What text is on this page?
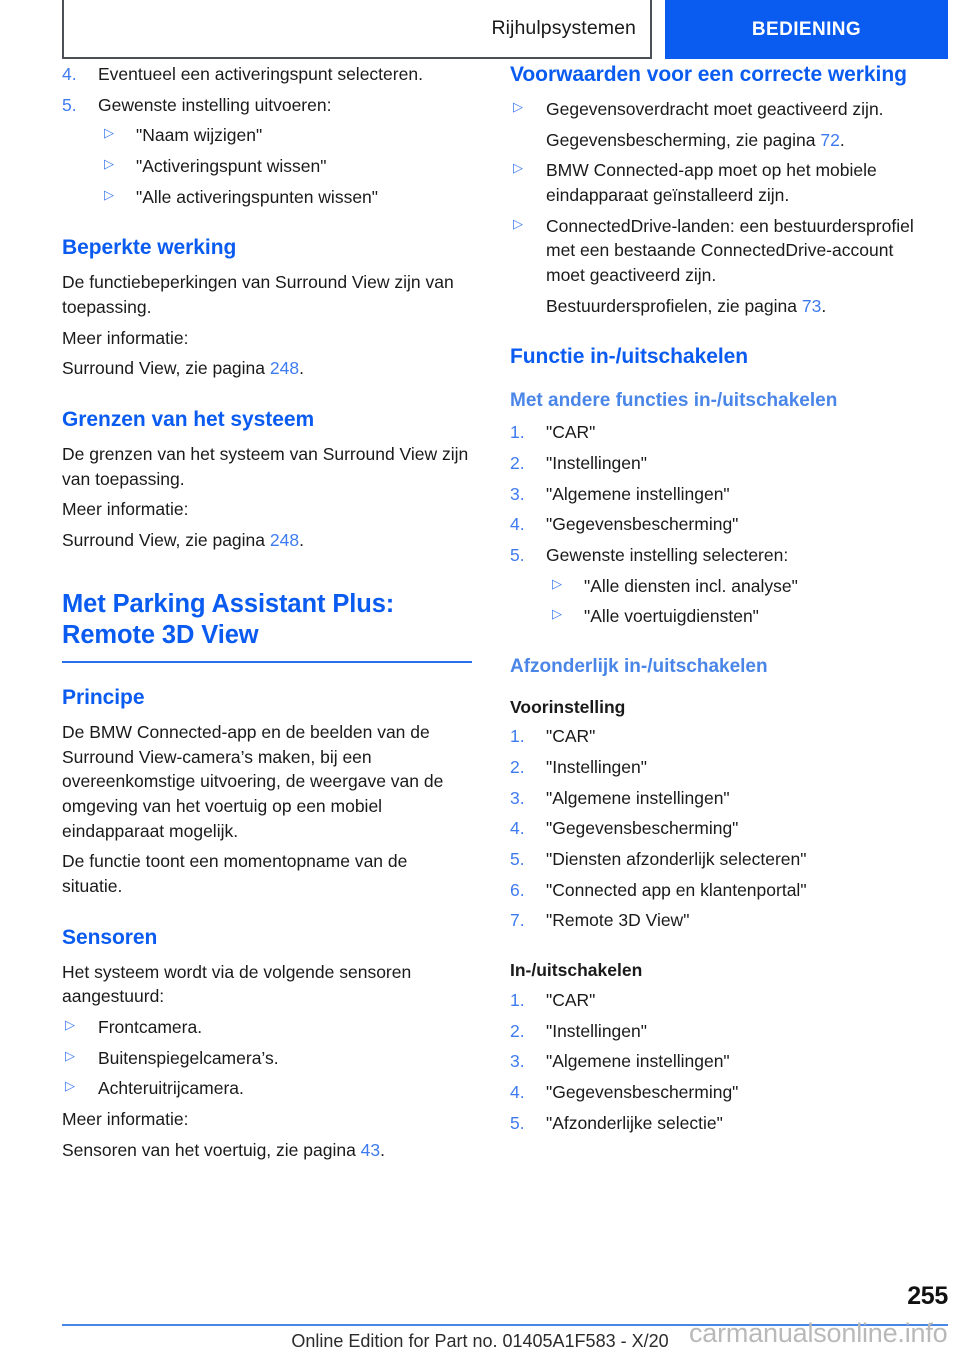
Rijhulpsystemen	BEDIENING
4.	Eventueel een activeringspunt selecteren.
5.	Gewenste instelling uitvoeren:
▷ "Naam wijzigen"
▷ "Activeringspunt wissen"
▷ "Alle activeringspunten wissen"
Beperkte werking

De functiebeperkingen van Surround View zijn van toepassing.

Meer informatie:

Surround View, zie pagina 248.

Grenzen van het systeem

De grenzen van het systeem van Surround View zijn van toepassing.

Meer informatie:

Surround View, zie pagina 248.

Met Parking Assistant Plus:
Remote 3D View
Principe

De BMW Connected-app en de beelden van de Surround View-camera’s maken, bij een overeenkomstige uitvoering, de weergave van de omgeving van het voertuig op een mobiel eindapparaat mogelijk.

De functie toont een momentopname van de situatie.

Sensoren

Het systeem wordt via de volgende sensoren aangestuurd:

▷ Frontcamera.
▷ Buitenspiegelcamera’s.
▷ Achteruitrijcamera.

Meer informatie:

Sensoren van het voertuig, zie pagina 43.

Voorwaarden voor een correcte werking
▷ Gegevensoverdracht moet geactiveerd zijn.

Gegevensbescherming, zie pagina 72.

▷ BMW Connected-app moet op het mobiele eindapparaat geïnstalleerd zijn.
▷ ConnectedDrive-landen: een bestuurdersprofiel met een bestaande ConnectedDrive-account moet geactiveerd zijn.

Bestuurdersprofielen, zie pagina 73.

Functie in-/uitschakelen
Met andere functies in-/uitschakelen
1.	"CAR"
2.	"Instellingen"
3.	"Algemene instellingen"
4.	"Gegevensbescherming"
5.	Gewenste instelling selecteren:
▷ "Alle diensten incl. analyse"
▷ "Alle voertuigdiensten"
Afzonderlijk in-/uitschakelen
Voorinstelling
1.	"CAR"
2.	"Instellingen"
3.	"Algemene instellingen"
4.	"Gegevensbescherming"
5.	"Diensten afzonderlijk selecteren"
6.	"Connected app en klantenportal"
7.	"Remote 3D View"
In-/uitschakelen
1.	"CAR"
2.	"Instellingen"
3.	"Algemene instellingen"
4.	"Gegevensbescherming"
5.	"Afzonderlijke selectie"
255
Online Edition for Part no. 01405A1F583 - X/20 carmanualsonline.info
